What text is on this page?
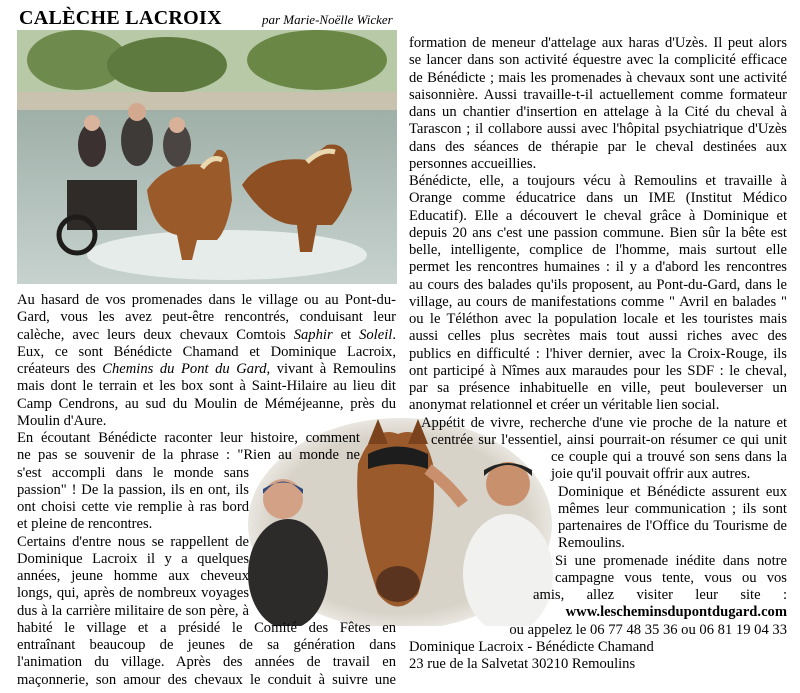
CALÈCHE LACROIX	par Marie-Noëlle Wicker
Au hasard de vos promenades dans le village ou au Pont-du-
Gard, vous les avez peut-être rencontrés, conduisant leur
calèche, avec leurs deux chevaux Comtois Saphir et Soleil.
Eux, ce sont Bénédicte Chamand et Dominique Lacroix,
créateurs des Chemins du Pont du Gard, vivant à Remoulins
mais dont le terrain et les box sont à Saint-Hilaire au lieu dit
Camp Cendrons, au sud du Moulin de Méméjeanne, près du
Moulin d'Aure.
En écoutant Bénédicte raconter leur histoire, comment
ne pas se souvenir de la phrase : "Rien au monde ne
s'est accompli dans le monde sans
passion" ! De la passion, ils en ont, ils
ont choisi cette vie remplie à ras bord
et pleine de rencontres.
Certains d'entre nous se rappellent de
Dominique Lacroix il y a quelques
années, jeune homme aux cheveux
longs, qui, après de nombreux voyages
dus à la carrière militaire de son père, à
habité le village et a présidé le Comité des Fêtes en
entraînant beaucoup de jeunes de sa génération dans
l'animation du village. Après des années de travail en
maçonnerie, son amour des chevaux le conduit à suivre une
formation de meneur d'attelage aux haras d'Uzès. Il peut alors
se lancer dans son activité équestre avec la complicité efficace
de Bénédicte ; mais les promenades à chevaux sont une activité
saisonnière. Aussi travaille-t-il actuellement comme formateur
dans un chantier d'insertion en attelage à la Cité du cheval à
Tarascon ; il collabore aussi avec l'hôpital psychiatrique d'Uzès
dans des séances de thérapie par le cheval destinées aux
personnes accueillies.
Bénédicte, elle, a toujours vécu à Remoulins et travaille à
Orange comme éducatrice dans un IME (Institut Médico
Educatif). Elle a découvert le cheval grâce à Dominique et
depuis 20 ans c'est une passion commune. Bien sûr la bête est
belle, intelligente, complice de l'homme, mais surtout elle
permet les rencontres humaines : il y a d'abord les rencontres
au cours des balades qu'ils proposent, au Pont-du-Gard, dans le
village, au cours de manifestations comme " Avril en balades "
ou le Téléthon avec la population locale et les touristes mais
aussi celles plus secrètes mais tout aussi riches avec des
publics en difficulté : l'hiver dernier, avec la Croix-Rouge, ils
ont participé à Nîmes aux maraudes pour les SDF : le cheval,
par sa présence inhabituelle en ville, peut bouleverser un
anonymat relationnel et créer un véritable lien social.
Appétit de vivre, recherche d'une vie proche de la nature et
centrée sur l'essentiel, ainsi pourrait-on résumer ce qui unit
ce couple qui a trouvé son sens dans la
joie qu'il pouvait offrir aux autres.
Dominique et Bénédicte assurent eux
mêmes leur communication ; ils sont
partenaires de l'Office du Tourisme de
Remoulins.
Si une promenade inédite dans notre
campagne vous tente, vous ou vos
amis, allez visiter leur site :
www.lescheminsdupontdugard.com
ou appelez le 06 77 48 35 36 ou 06 81 19 04 33
Dominique Lacroix - Bénédicte Chamand
23 rue de la Salvetat 30210 Remoulins
